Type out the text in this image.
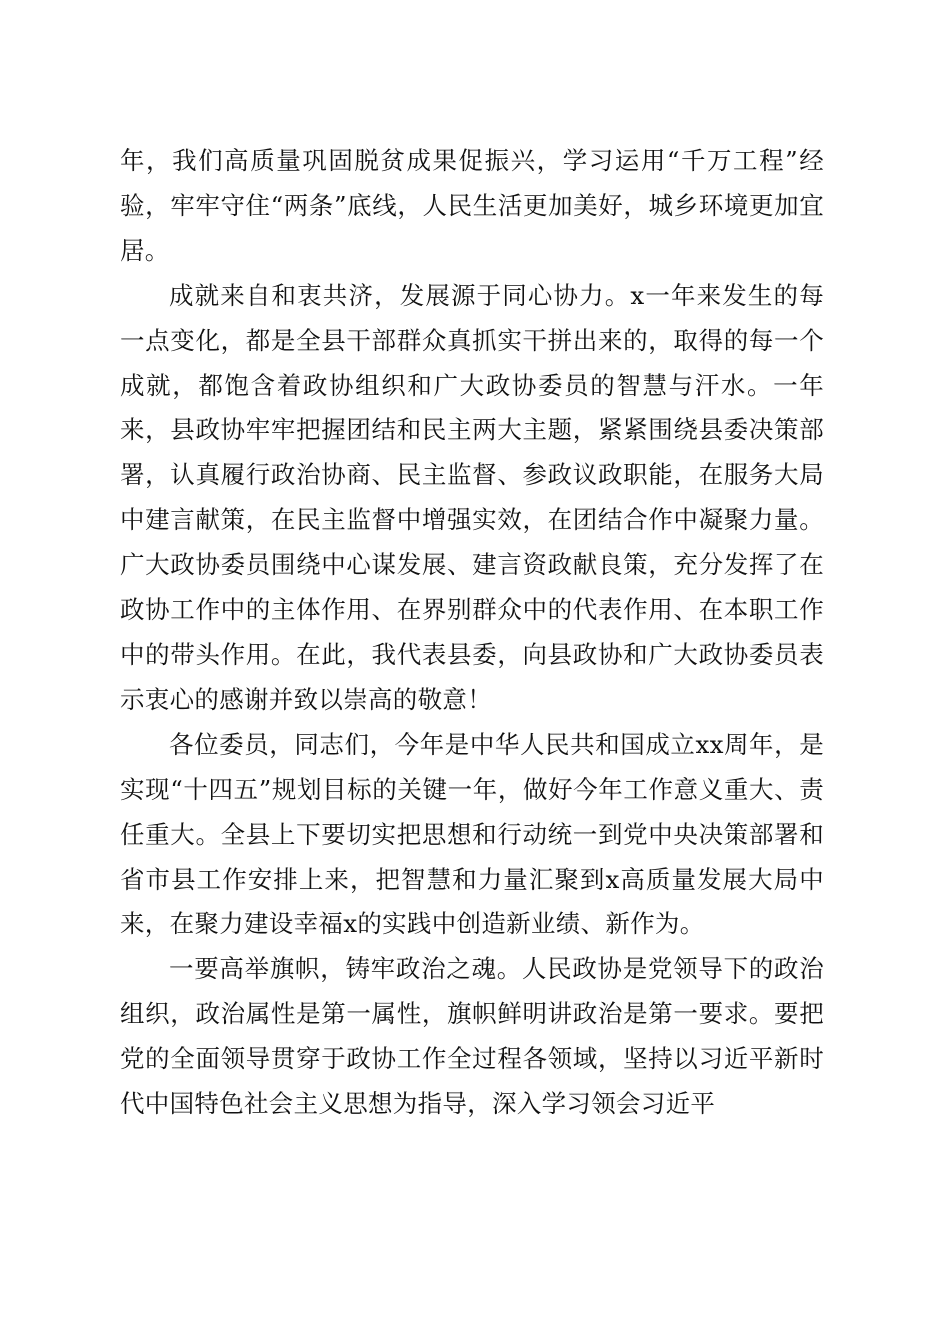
年，我们高质量巩固脱贫成果促振兴，学习运用“千万工程”经验，牢牢守住“两条”底线，人民生活更加美好，城乡环境更加宜居。

成就来自和衷共济，发展源于同心协力。x一年来发生的每一点变化，都是全县干部群众真抓实干拼出来的，取得的每一个成就，都饱含着政协组织和广大政协委员的智慧与汗水。一年来，县政协牢牢把握团结和民主两大主题，紧紧围绕县委决策部署，认真履行政治协商、民主监督、参政议政职能，在服务大局中建言献策，在民主监督中增强实效，在团结合作中凝聚力量。广大政协委员围绕中心谋发展、建言资政献良策，充分发挥了在政协工作中的主体作用、在界别群众中的代表作用、在本职工作中的带头作用。在此，我代表县委，向县政协和广大政协委员表示衷心的感谢并致以崇高的敬意！

各位委员，同志们，今年是中华人民共和国成立xx周年，是实现“十四五”规划目标的关键一年，做好今年工作意义重大、责任重大。全县上下要切实把思想和行动统一到党中央决策部署和省市县工作安排上来，把智慧和力量汇聚到x高质量发展大局中来，在聚力建设幸福x的实践中创造新业绩、新作为。

一要高举旗帜，铸牢政治之魂。人民政协是党领导下的政治组织，政治属性是第一属性，旗帜鲜明讲政治是第一要求。要把党的全面领导贯穿于政协工作全过程各领域，坚持以习近平新时代中国特色社会主义思想为指导，深入学习领会习近平
